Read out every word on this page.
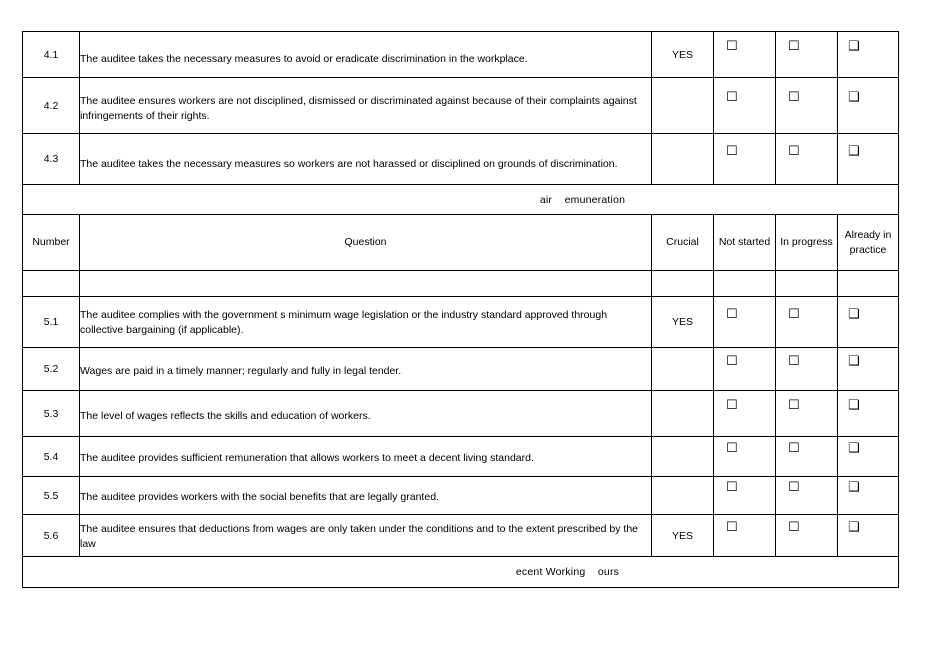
4.1	The auditee takes the necessary measures to avoid or eradicate discrimination in the workplace.	YES	☐	☐	❑
4.2	The auditee ensures workers are not disciplined, dismissed or discriminated against because of their complaints against infringements of their rights.		☐	☐	❑
4.3	The auditee takes the necessary measures so workers are not harassed or disciplined on grounds of discrimination.		☐	☐	❑
air    emuneration					
Number	Question	Crucial	Not started	In progress	Already in practice

5.1	The auditee complies with the government s minimum wage legislation or the industry standard approved through collective bargaining (if applicable).	YES	☐	☐	❑
5.2	Wages are paid in a timely manner; regularly and fully in legal tender.		☐	☐	❑
5.3	The level of wages reflects the skills and education of workers.		☐	☐	❑
5.4	The auditee provides sufficient remuneration that allows workers to meet a decent living standard.		☐	☐	❑
5.5	The auditee provides workers with the social benefits that are legally granted.		☐	☐	❑
5.6	The auditee ensures that deductions from wages are only taken under the conditions and to the extent prescribed by the law	YES	☐	☐	❑
ecent Working    ours					
